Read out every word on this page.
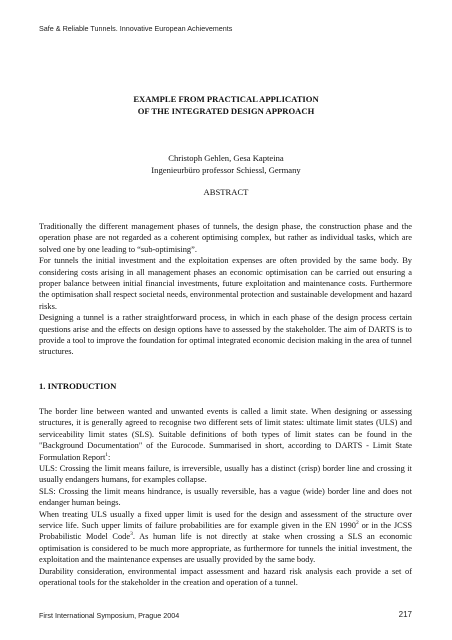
Safe & Reliable Tunnels. Innovative European Achievements
EXAMPLE FROM PRACTICAL APPLICATION
OF THE INTEGRATED DESIGN APPROACH
Christoph Gehlen, Gesa Kapteina
Ingenieurbüro professor Schiessl, Germany
ABSTRACT

Traditionally the different management phases of tunnels, the design phase, the construction phase and the operation phase are not regarded as a coherent optimising complex, but rather as individual tasks, which are solved one by one leading to “sub-optimising”.

For tunnels the initial investment and the exploitation expenses are often provided by the same body. By considering costs arising in all management phases an economic optimisation can be carried out ensuring a proper balance between initial financial investments, future exploitation and maintenance costs. Furthermore the optimisation shall respect societal needs, environmental protection and sustainable development and hazard risks.

Designing a tunnel is a rather straightforward process, in which in each phase of the design process certain questions arise and the effects on design options have to assessed by the stakeholder. The aim of DARTS is to provide a tool to improve the foundation for optimal integrated economic decision making in the area of tunnel structures.

1. INTRODUCTION

The border line between wanted and unwanted events is called a limit state. When designing or assessing structures, it is generally agreed to recognise two different sets of limit states: ultimate limit states (ULS) and serviceability limit states (SLS). Suitable definitions of both types of limit states can be found in the "Background Documentation" of the Eurocode. Summarised in short, according to DARTS - Limit State Formulation Report$^1$:

ULS: Crossing the limit means failure, is irreversible, usually has a distinct (crisp) border line and crossing it usually endangers humans, for examples collapse.

SLS: Crossing the limit means hindrance, is usually reversible, has a vague (wide) border line and does not endanger human beings.

When treating ULS usually a fixed upper limit is used for the design and assessment of the structure over service life. Such upper limits of failure probabilities are for example given in the EN 1990$^2$ or in the JCSS Probabilistic Model Code$^3$. As human life is not directly at stake when crossing a SLS an economic optimisation is considered to be much more appropriate, as furthermore for tunnels the initial investment, the exploitation and the maintenance expenses are usually provided by the same body.

Durability consideration, environmental impact assessment and hazard risk analysis each provide a set of operational tools for the stakeholder in the creation and operation of a tunnel.

First International Symposium, Prague 2004	217
